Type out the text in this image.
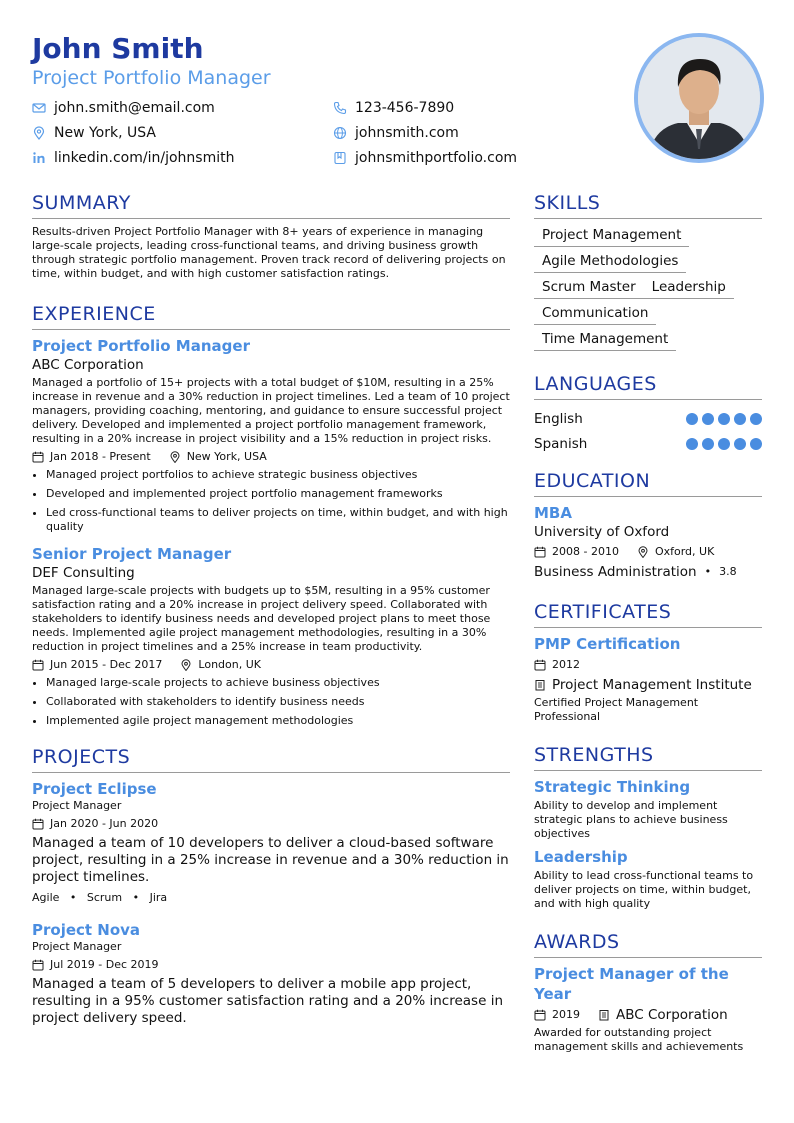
John Smith
Project Portfolio Manager
john.smith@email.com	123-456-7890
New York, USA	johnsmith.com
linkedin.com/in/johnsmith	johnsmithportfolio.com
SUMMARY
Results-driven Project Portfolio Manager with 8+ years of experience in managing large-scale projects, leading cross-functional teams, and driving business growth through strategic portfolio management. Proven track record of delivering projects on time, within budget, and with high customer satisfaction ratings.
EXPERIENCE
Project Portfolio Manager
ABC Corporation
Managed a portfolio of 15+ projects with a total budget of $10M, resulting in a 25% increase in revenue and a 30% reduction in project timelines. Led a team of 10 project managers, providing coaching, mentoring, and guidance to ensure successful project delivery. Developed and implemented a project portfolio management framework, resulting in a 20% increase in project visibility and a 15% reduction in project risks.
Jan 2018 - Present	New York, USA
• Managed project portfolios to achieve strategic business objectives
• Developed and implemented project portfolio management frameworks
• Led cross-functional teams to deliver projects on time, within budget, and with high quality
Senior Project Manager
DEF Consulting
Managed large-scale projects with budgets up to $5M, resulting in a 95% customer satisfaction rating and a 20% increase in project delivery speed. Collaborated with stakeholders to identify business needs and developed project plans to meet those needs. Implemented agile project management methodologies, resulting in a 30% reduction in project timelines and a 25% increase in team productivity.
Jun 2015 - Dec 2017	London, UK
• Managed large-scale projects to achieve business objectives
• Collaborated with stakeholders to identify business needs
• Implemented agile project management methodologies
PROJECTS
Project Eclipse
Project Manager
Jan 2020 - Jun 2020
Managed a team of 10 developers to deliver a cloud-based software project, resulting in a 25% increase in revenue and a 30% reduction in project timelines.
Agile   •   Scrum   •   Jira
Project Nova
Project Manager
Jul 2019 - Dec 2019
Managed a team of 5 developers to deliver a mobile app project, resulting in a 95% customer satisfaction rating and a 20% increase in project delivery speed.
SKILLS
Project Management
Agile Methodologies
Scrum Master	Leadership
Communication
Time Management
LANGUAGES
English
Spanish
EDUCATION
MBA
University of Oxford
2008 - 2010	Oxford, UK
Business Administration • 3.8
CERTIFICATES
PMP Certification
2012
Project Management Institute
Certified Project Management Professional
STRENGTHS
Strategic Thinking
Ability to develop and implement strategic plans to achieve business objectives
Leadership
Ability to lead cross-functional teams to deliver projects on time, within budget, and with high quality
AWARDS
Project Manager of the Year
2019	ABC Corporation
Awarded for outstanding project management skills and achievements
